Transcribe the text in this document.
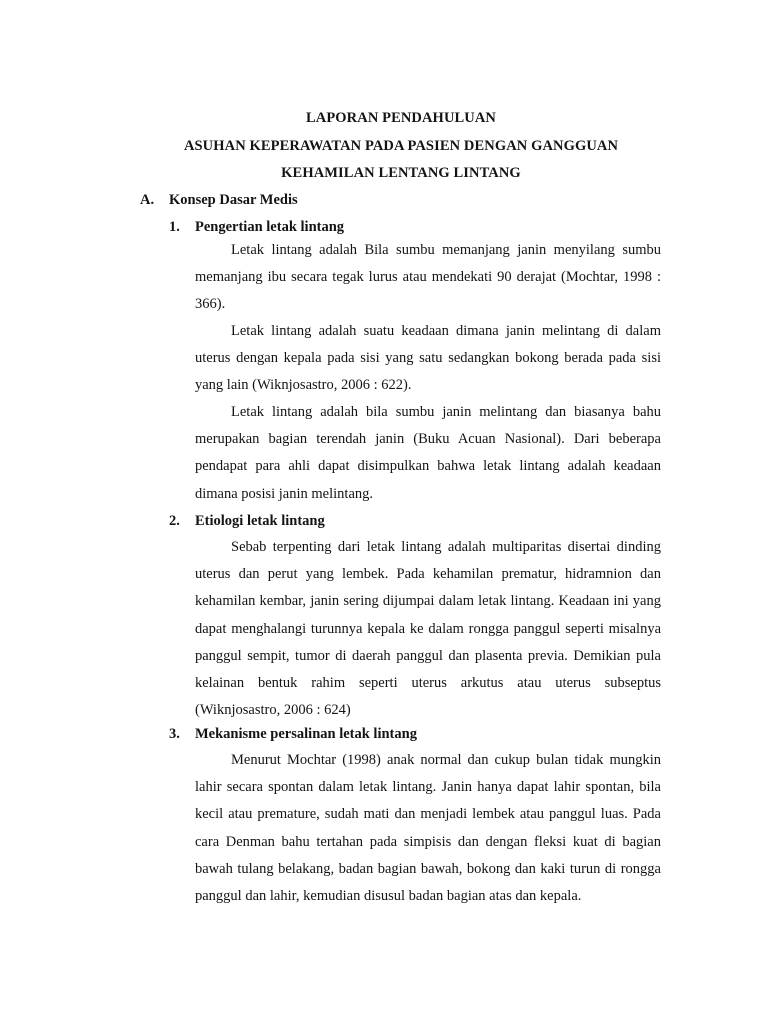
LAPORAN PENDAHULUAN
ASUHAN KEPERAWATAN PADA PASIEN DENGAN GANGGUAN
KEHAMILAN LENTANG LINTANG
A. Konsep Dasar Medis
1. Pengertian letak lintang

Letak lintang adalah Bila sumbu memanjang janin menyilang sumbu memanjang ibu secara tegak lurus atau mendekati 90 derajat (Mochtar, 1998 : 366).

Letak lintang adalah suatu keadaan dimana janin melintang di dalam uterus dengan kepala pada sisi yang satu sedangkan bokong berada pada sisi yang lain (Wiknjosastro, 2006 : 622).

Letak lintang adalah bila sumbu janin melintang dan biasanya bahu merupakan bagian terendah janin (Buku Acuan Nasional). Dari beberapa pendapat para ahli dapat disimpulkan bahwa letak lintang adalah keadaan dimana posisi janin melintang.

2. Etiologi letak lintang

Sebab terpenting dari letak lintang adalah multiparitas disertai dinding uterus dan perut yang lembek. Pada kehamilan prematur, hidramnion dan kehamilan kembar, janin sering dijumpai dalam letak lintang. Keadaan ini yang dapat menghalangi turunnya kepala ke dalam rongga panggul seperti misalnya panggul sempit, tumor di daerah panggul dan plasenta previa. Demikian pula kelainan bentuk rahim seperti uterus arkutus atau uterus subseptus (Wiknjosastro, 2006 : 624)

3. Mekanisme persalinan letak lintang

Menurut Mochtar (1998) anak normal dan cukup bulan tidak mungkin lahir secara spontan dalam letak lintang. Janin hanya dapat lahir spontan, bila kecil atau premature, sudah mati dan menjadi lembek atau panggul luas. Pada cara Denman bahu tertahan pada simpisis dan dengan fleksi kuat di bagian bawah tulang belakang, badan bagian bawah, bokong dan kaki turun di rongga panggul dan lahir, kemudian disusul badan bagian atas dan kepala.
